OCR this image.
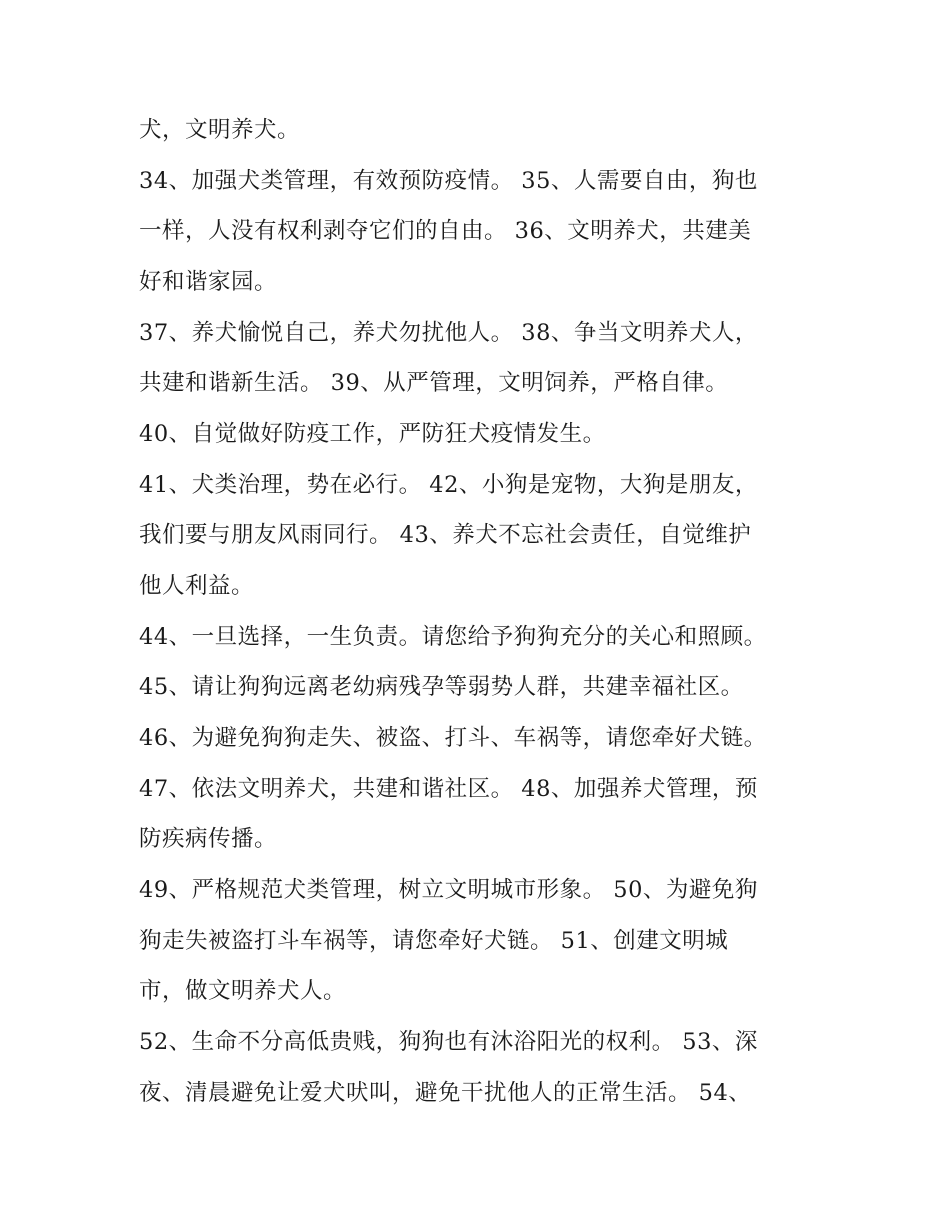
犬，文明养犬。
34、加强犬类管理，有效预防疫情。 35、人需要自由，狗也
一样，人没有权利剥夺它们的自由。 36、文明养犬，共建美
好和谐家园。
37、养犬愉悦自己，养犬勿扰他人。 38、争当文明养犬人，
共建和谐新生活。 39、从严管理，文明饲养，严格自律。
40、自觉做好防疫工作，严防狂犬疫情发生。
41、犬类治理，势在必行。 42、小狗是宠物，大狗是朋友，
我们要与朋友风雨同行。 43、养犬不忘社会责任，自觉维护
他人利益。
44、一旦选择，一生负责。请您给予狗狗充分的关心和照顾。
45、请让狗狗远离老幼病残孕等弱势人群，共建幸福社区。
46、为避免狗狗走失、被盗、打斗、车祸等，请您牵好犬链。
47、依法文明养犬，共建和谐社区。 48、加强养犬管理，预
防疾病传播。
49、严格规范犬类管理，树立文明城市形象。 50、为避免狗
狗走失被盗打斗车祸等，请您牵好犬链。 51、创建文明城
市，做文明养犬人。
52、生命不分高低贵贱，狗狗也有沐浴阳光的权利。 53、深
夜、清晨避免让爱犬吠叫，避免干扰他人的正常生活。 54、
